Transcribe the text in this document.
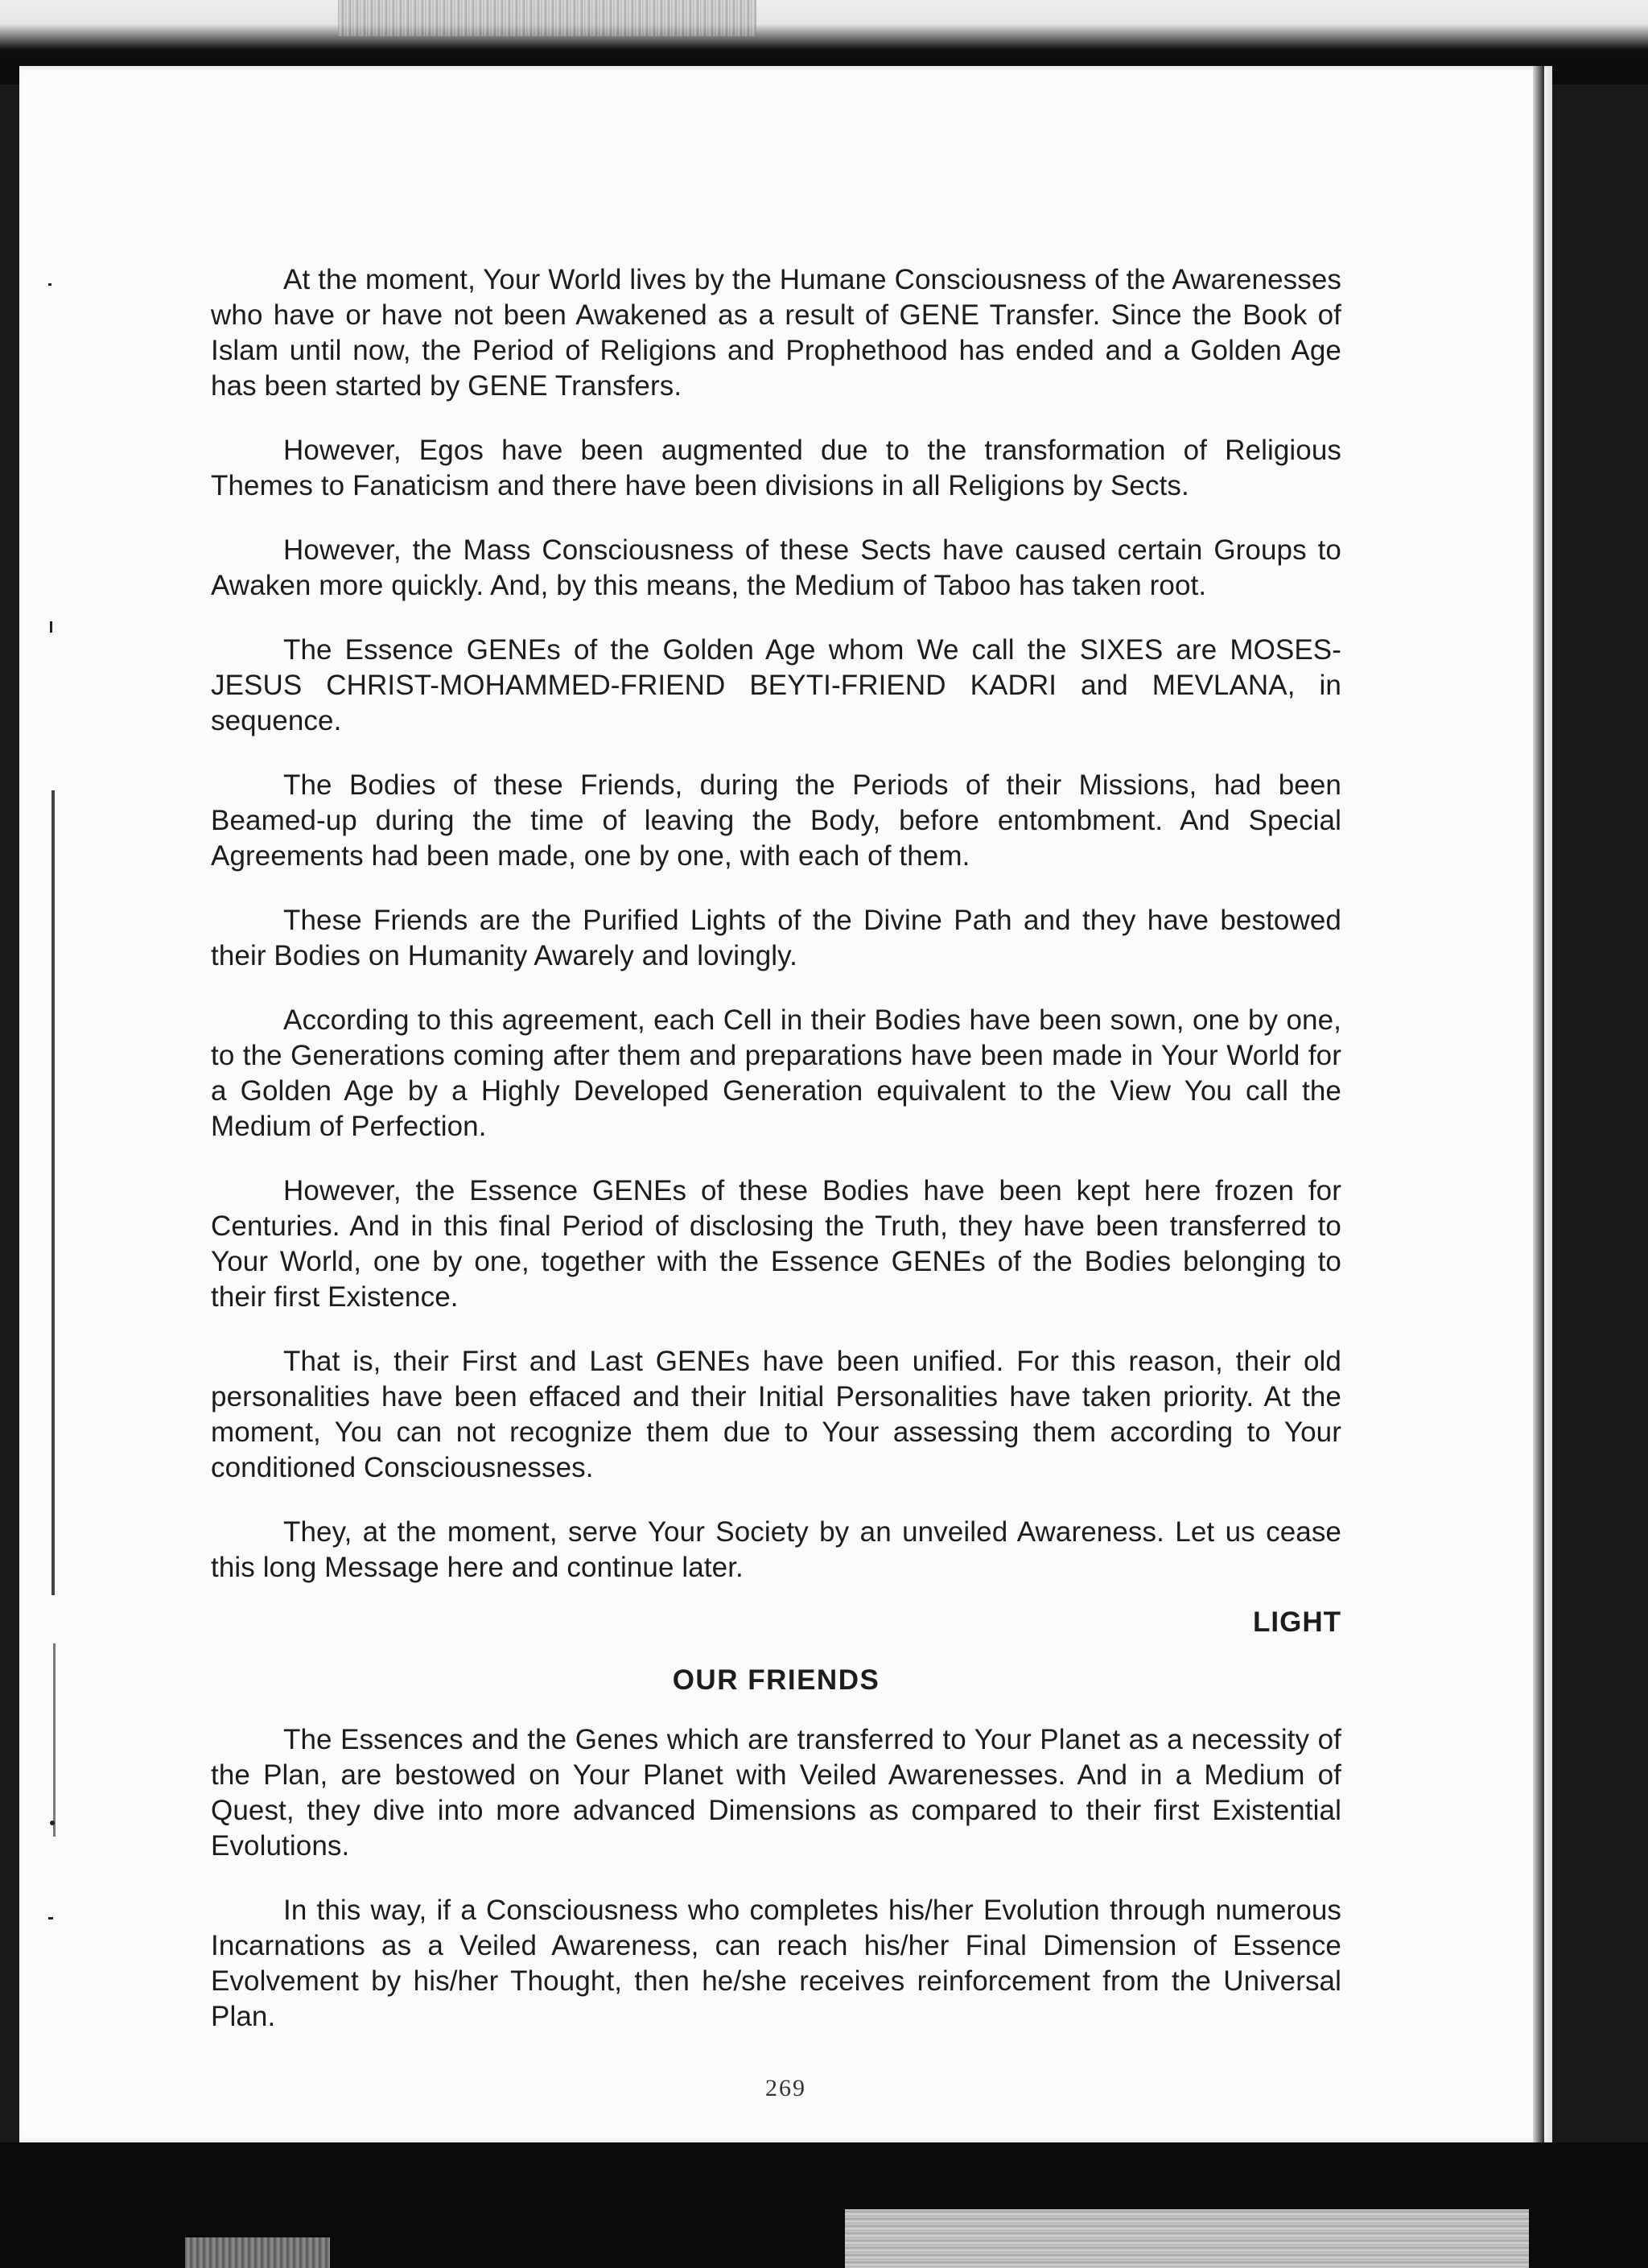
269

At the moment, Your World lives by the Humane Consciousness of the Awarenesses who have or have not been Awakened as a result of GENE Transfer. Since the Book of Islam until now, the Period of Religions and Prophethood has ended and a Golden Age has been started by GENE Transfers.

However, Egos have been augmented due to the transformation of Religious Themes to Fanaticism and there have been divisions in all Religions by Sects.

However, the Mass Consciousness of these Sects have caused certain Groups to Awaken more quickly. And, by this means, the Medium of Taboo has taken root.

The Essence GENEs of the Golden Age whom We call the SIXES are MOSES-JESUS CHRIST-MOHAMMED-FRIEND BEYTI-FRIEND KADRI and MEVLANA, in sequence.

The Bodies of these Friends, during the Periods of their Missions, had been Beamed-up during the time of leaving the Body, before entombment. And Special Agreements had been made, one by one, with each of them.

These Friends are the Purified Lights of the Divine Path and they have bestowed their Bodies on Humanity Awarely and lovingly.

According to this agreement, each Cell in their Bodies have been sown, one by one, to the Generations coming after them and preparations have been made in Your World for a Golden Age by a Highly Developed Generation equivalent to the View You call the Medium of Perfection.

However, the Essence GENEs of these Bodies have been kept here frozen for Centuries. And in this final Period of disclosing the Truth, they have been transferred to Your World, one by one, together with the Essence GENEs of the Bodies belonging to their first Existence.

That is, their First and Last GENEs have been unified. For this reason, their old personalities have been effaced and their Initial Personalities have taken priority. At the moment, You can not recognize them due to Your assessing them according to Your conditioned Consciousnesses.

They, at the moment, serve Your Society by an unveiled Awareness. Let us cease this long Message here and continue later.

LIGHT
OUR FRIENDS

The Essences and the Genes which are transferred to Your Planet as a necessity of the Plan, are bestowed on Your Planet with Veiled Awarenesses. And in a Medium of Quest, they dive into more advanced Dimensions as compared to their first Existential Evolutions.

In this way, if a Consciousness who completes his/her Evolution through numerous Incarnations as a Veiled Awareness, can reach his/her Final Dimension of Essence Evolvement by his/her Thought, then he/she receives reinforcement from the Universal Plan.
